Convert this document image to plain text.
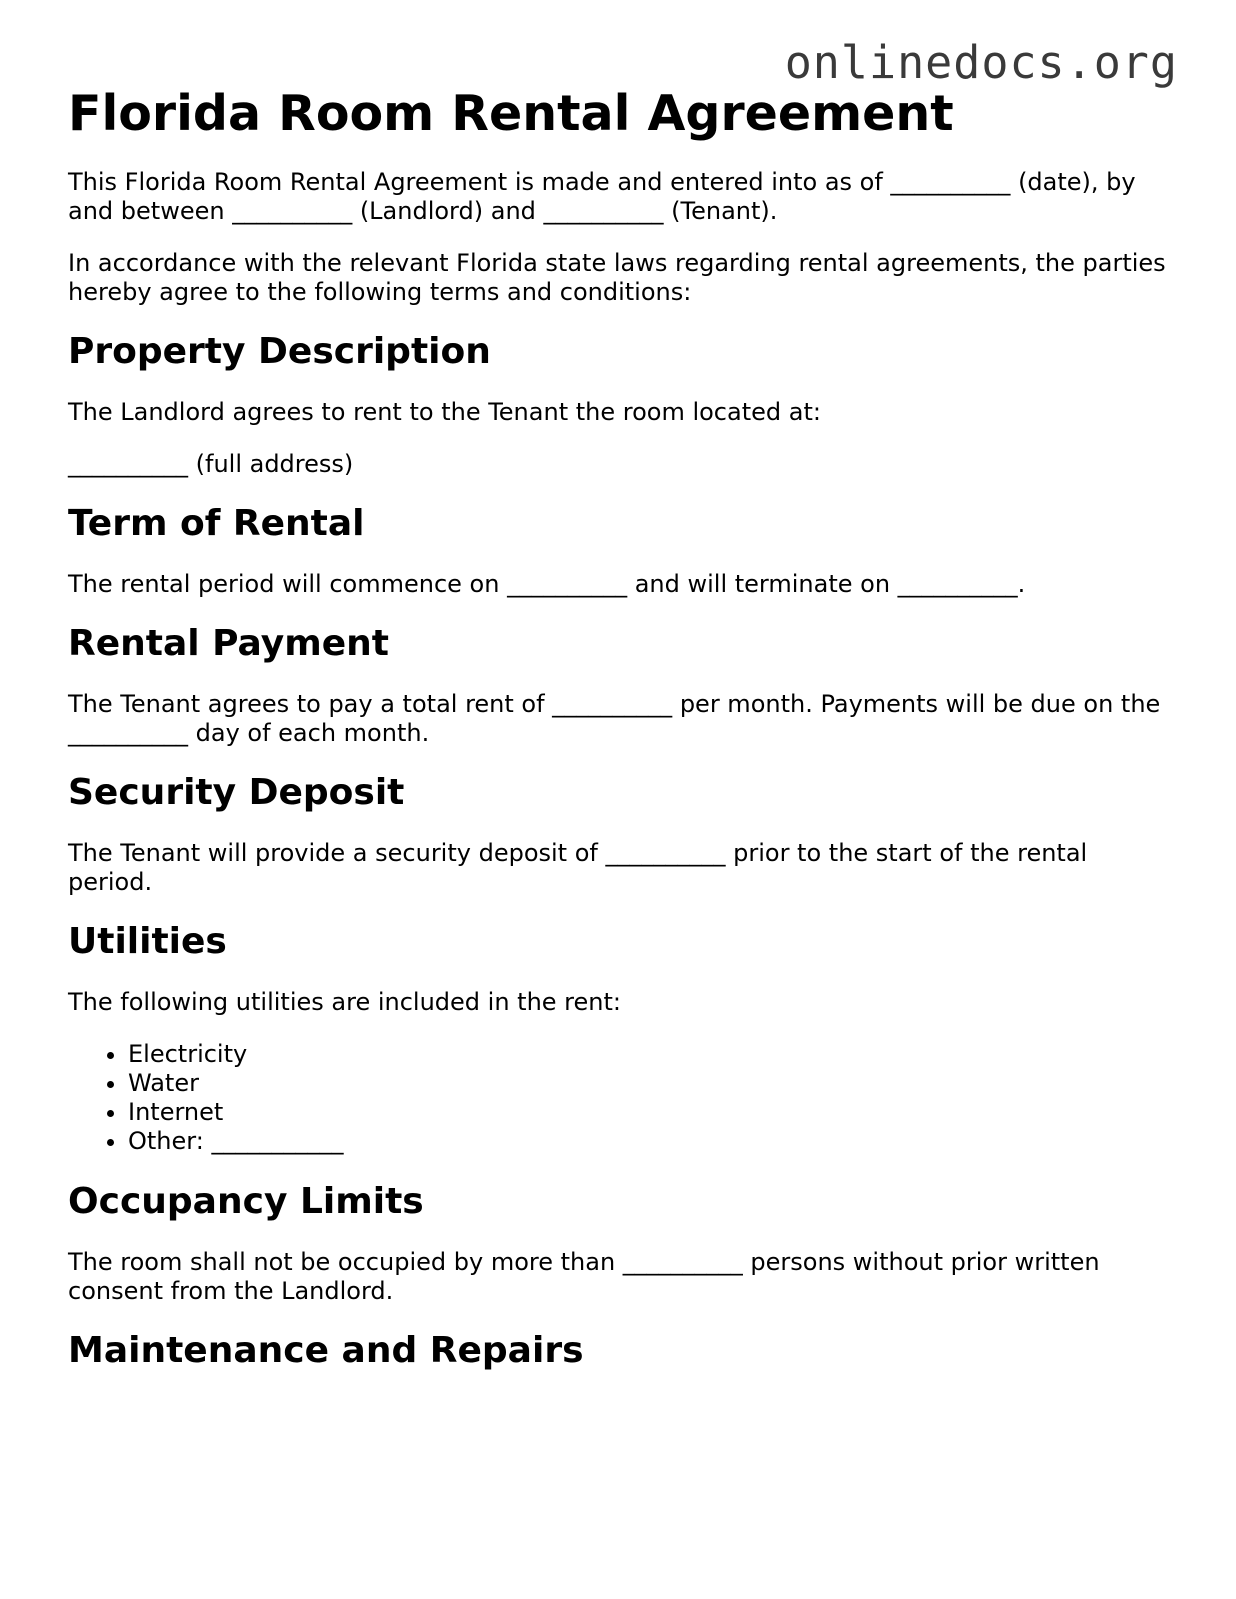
onlinedocs.org
Florida Room Rental Agreement

This Florida Room Rental Agreement is made and entered into as of __________ (date), by and between __________ (Landlord) and __________ (Tenant).

In accordance with the relevant Florida state laws regarding rental agreements, the parties hereby agree to the following terms and conditions:

Property Description

The Landlord agrees to rent to the Tenant the room located at:

__________ (full address)

Term of Rental

The rental period will commence on __________ and will terminate on __________.

Rental Payment

The Tenant agrees to pay a total rent of __________ per month. Payments will be due on the __________ day of each month.

Security Deposit

The Tenant will provide a security deposit of __________ prior to the start of the rental period.

Utilities

The following utilities are included in the rent:

• Electricity
• Water
• Internet
• Other: ___________
Occupancy Limits

The room shall not be occupied by more than __________ persons without prior written consent from the Landlord.

Maintenance and Repairs
